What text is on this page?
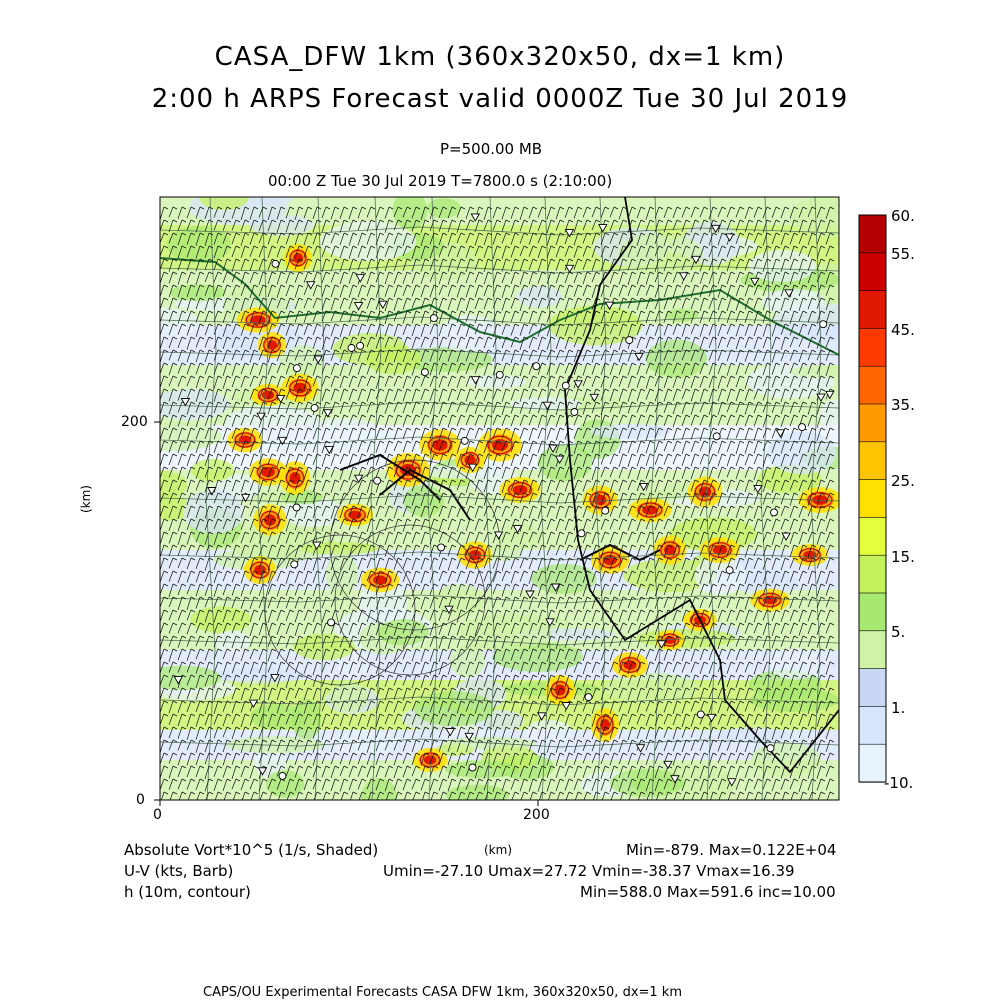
CASA_DFW 1km (360x320x50, dx=1 km)
2:00 h ARPS Forecast valid 0000Z Tue 30 Jul 2019
P=500.00 MB
00:00 Z Tue 30 Jul 2019 T=7800.0 s (2:10:00)
0	200
0
200
(km)
(km)
60.
55.
45.
35.
25.
15.
5.
1.
-10.
Absolute Vort*10^5 (1/s, Shaded)
U-V (kts, Barb)
h (10m, contour)
Min=-879. Max=0.122E+04
Umin=-27.10 Umax=27.72 Vmin=-38.37 Vmax=16.39
Min=588.0 Max=591.6 inc=10.00
CAPS/OU Experimental Forecasts CASA DFW 1km, 360x320x50, dx=1 km
